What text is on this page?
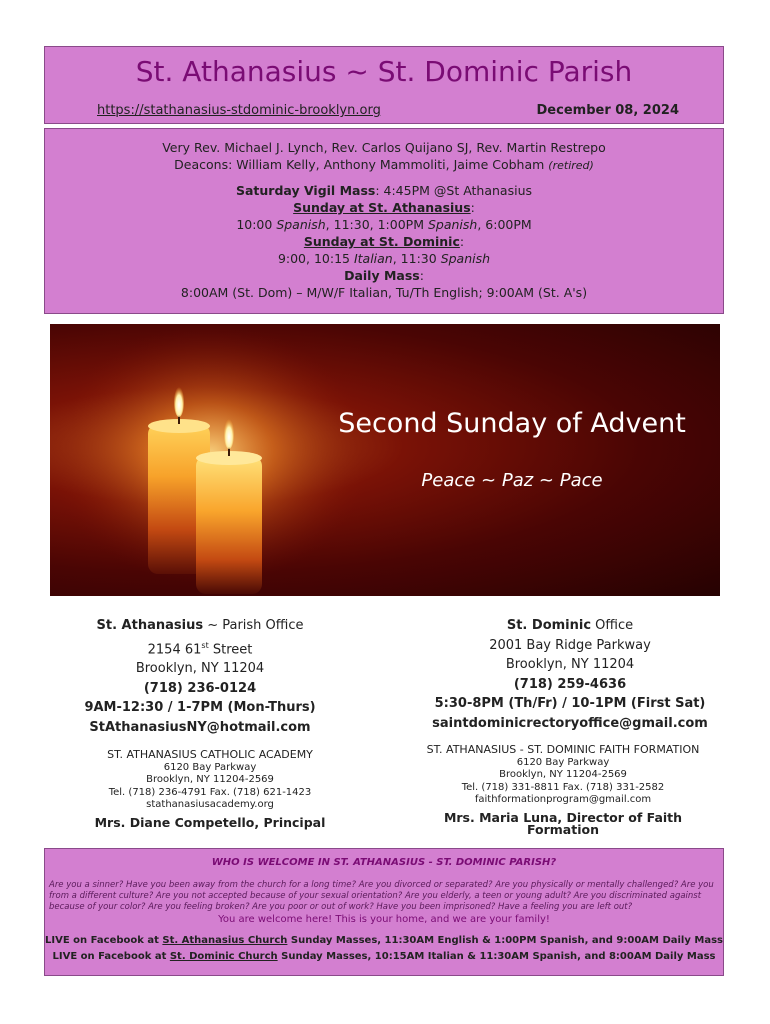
St. Athanasius ~ St. Dominic Parish
https://stathanasius-stdominic-brooklyn.org	December 08, 2024
Very Rev. Michael J. Lynch, Rev. Carlos Quijano SJ, Rev. Martin Restrepo
Deacons: William Kelly, Anthony Mammoliti, Jaime Cobham (retired)
Saturday Vigil Mass: 4:45PM @St Athanasius
Sunday at St. Athanasius:
10:00 Spanish, 11:30, 1:00PM Spanish, 6:00PM
Sunday at St. Dominic:
9:00, 10:15 Italian, 11:30 Spanish
Daily Mass:
8:00AM (St. Dom) – M/W/F Italian, Tu/Th English; 9:00AM (St. A's)
Second Sunday of Advent
Peace ~ Paz ~ Pace
St. Athanasius ~ Parish Office
2154 61st Street
Brooklyn, NY 11204
(718) 236-0124
9AM-12:30 / 1-7PM (Mon-Thurs)
StAthanasiusNY@hotmail.com
St. Dominic Office
2001 Bay Ridge Parkway
Brooklyn, NY 11204
(718) 259-4636
5:30-8PM (Th/Fr) / 10-1PM (First Sat)
saintdominicrectoryoffice@gmail.com
ST. ATHANASIUS CATHOLIC ACADEMY
6120 Bay Parkway
Brooklyn, NY 11204-2569
Tel. (718) 236-4791 Fax. (718) 621-1423
stathanasiusacademy.org
Mrs. Diane Competello, Principal
ST. ATHANASIUS - ST. DOMINIC FAITH FORMATION
6120 Bay Parkway
Brooklyn, NY 11204-2569
Tel. (718) 331-8811 Fax. (718) 331-2582
faithformationprogram@gmail.com
Mrs. Maria Luna, Director of Faith Formation
WHO IS WELCOME IN ST. ATHANASIUS - ST. DOMINIC PARISH?
Are you a sinner? Have you been away from the church for a long time? Are you divorced or separated? Are you physically or mentally challenged? Are you from a different culture? Are you not accepted because of your sexual orientation? Are you elderly, a teen or young adult? Are you discriminated against because of your color? Are you feeling broken? Are you poor or out of work? Have you been imprisoned? Have a feeling you are left out?
You are welcome here! This is your home, and we are your family!
LIVE on Facebook at St. Athanasius Church Sunday Masses, 11:30AM English & 1:00PM Spanish, and 9:00AM Daily Mass
LIVE on Facebook at St. Dominic Church Sunday Masses, 10:15AM Italian & 11:30AM Spanish, and 8:00AM Daily Mass
